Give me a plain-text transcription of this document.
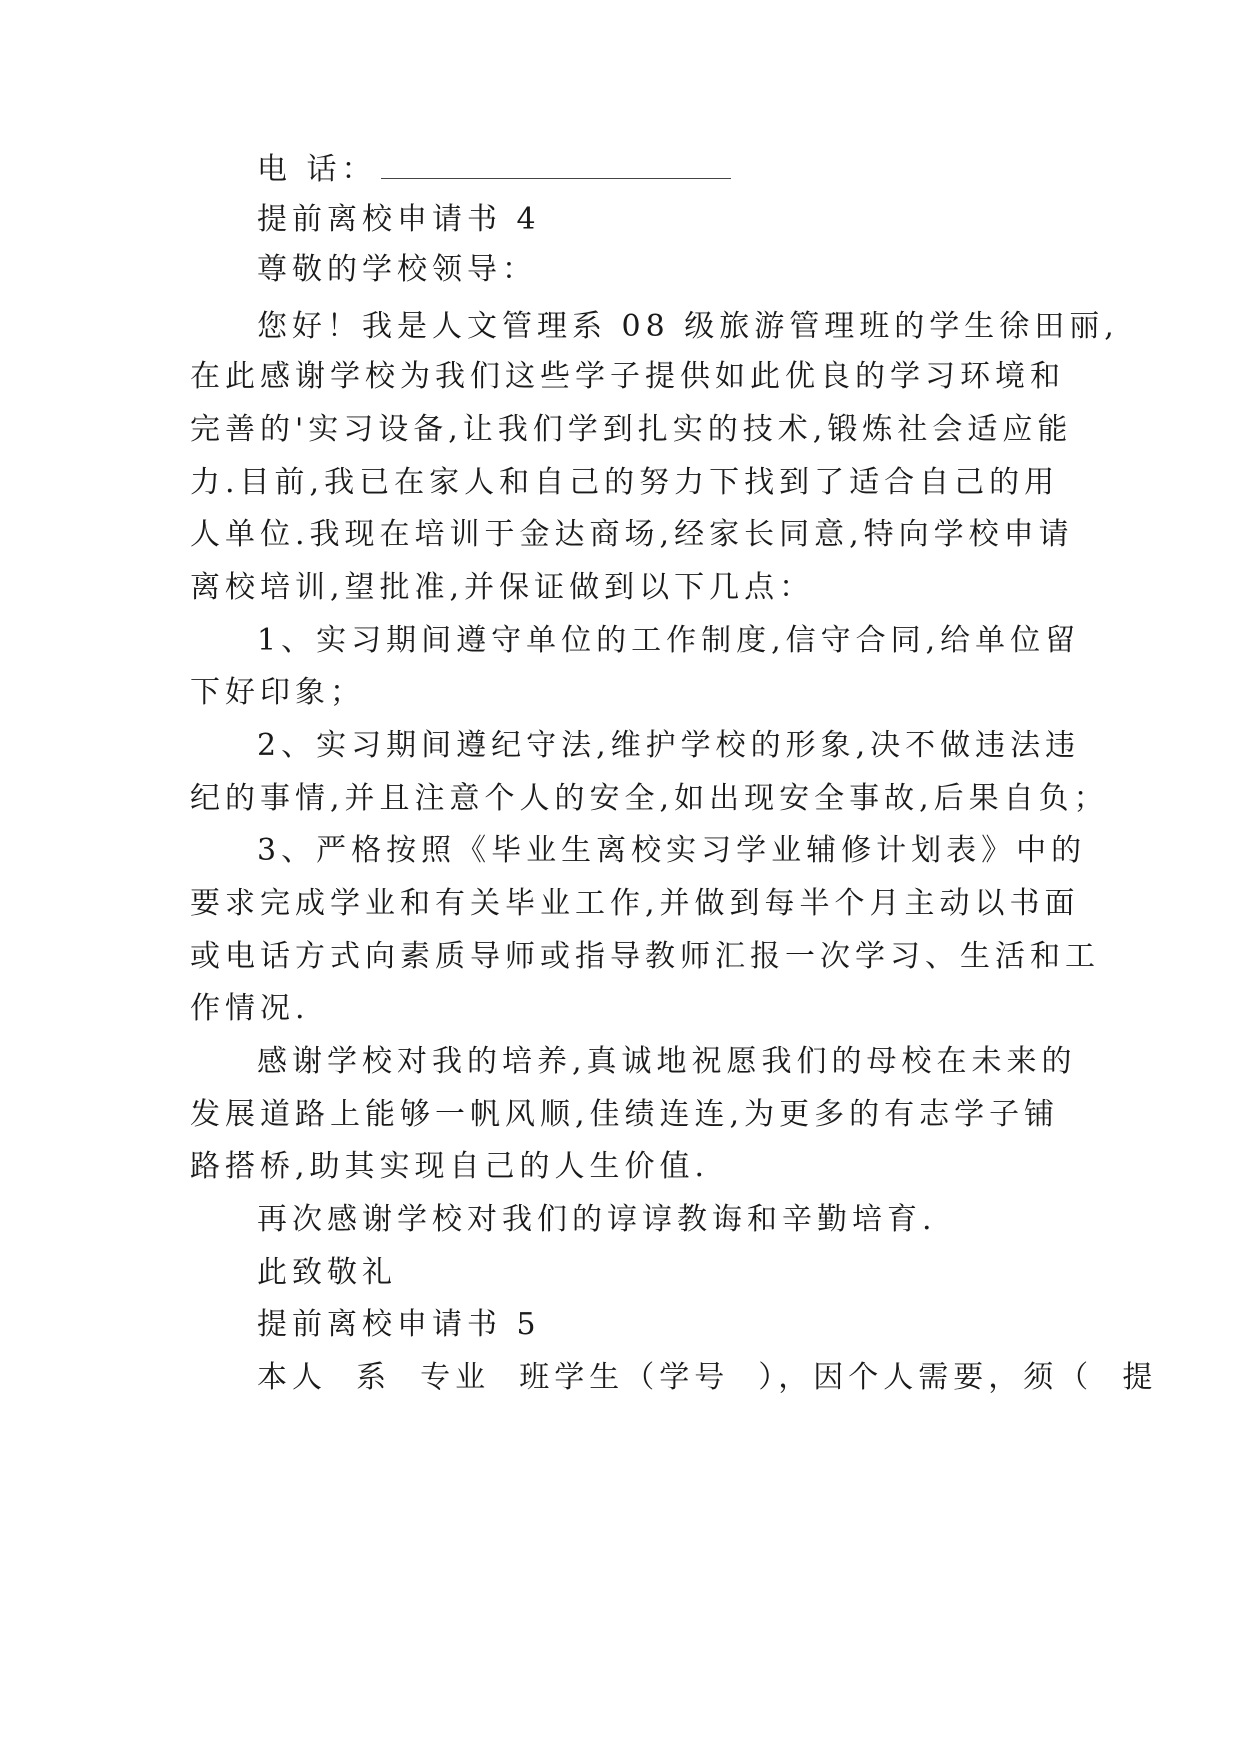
电 话：
提前离校申请书 4
尊敬的学校领导：
您好！我是人文管理系 08 级旅游管理班的学生徐田丽,
在此感谢学校为我们这些学子提供如此优良的学习环境和
完善的'实习设备,让我们学到扎实的技术,锻炼社会适应能
力.目前,我已在家人和自己的努力下找到了适合自己的用
人单位.我现在培训于金达商场,经家长同意,特向学校申请
离校培训,望批准,并保证做到以下几点：
1、实习期间遵守单位的工作制度,信守合同,给单位留
下好印象；
2、实习期间遵纪守法,维护学校的形象,决不做违法违
纪的事情,并且注意个人的安全,如出现安全事故,后果自负；
3、严格按照《毕业生离校实习学业辅修计划表》中的
要求完成学业和有关毕业工作,并做到每半个月主动以书面
或电话方式向素质导师或指导教师汇报一次学习、生活和工
作情况.
感谢学校对我的培养,真诚地祝愿我们的母校在未来的
发展道路上能够一帆风顺,佳绩连连,为更多的有志学子铺
路搭桥,助其实现自己的人生价值.
再次感谢学校对我们的谆谆教诲和辛勤培育.
此致敬礼
提前离校申请书 5
本人  系  专业  班学生（学号  ），因个人需要，须（  提
